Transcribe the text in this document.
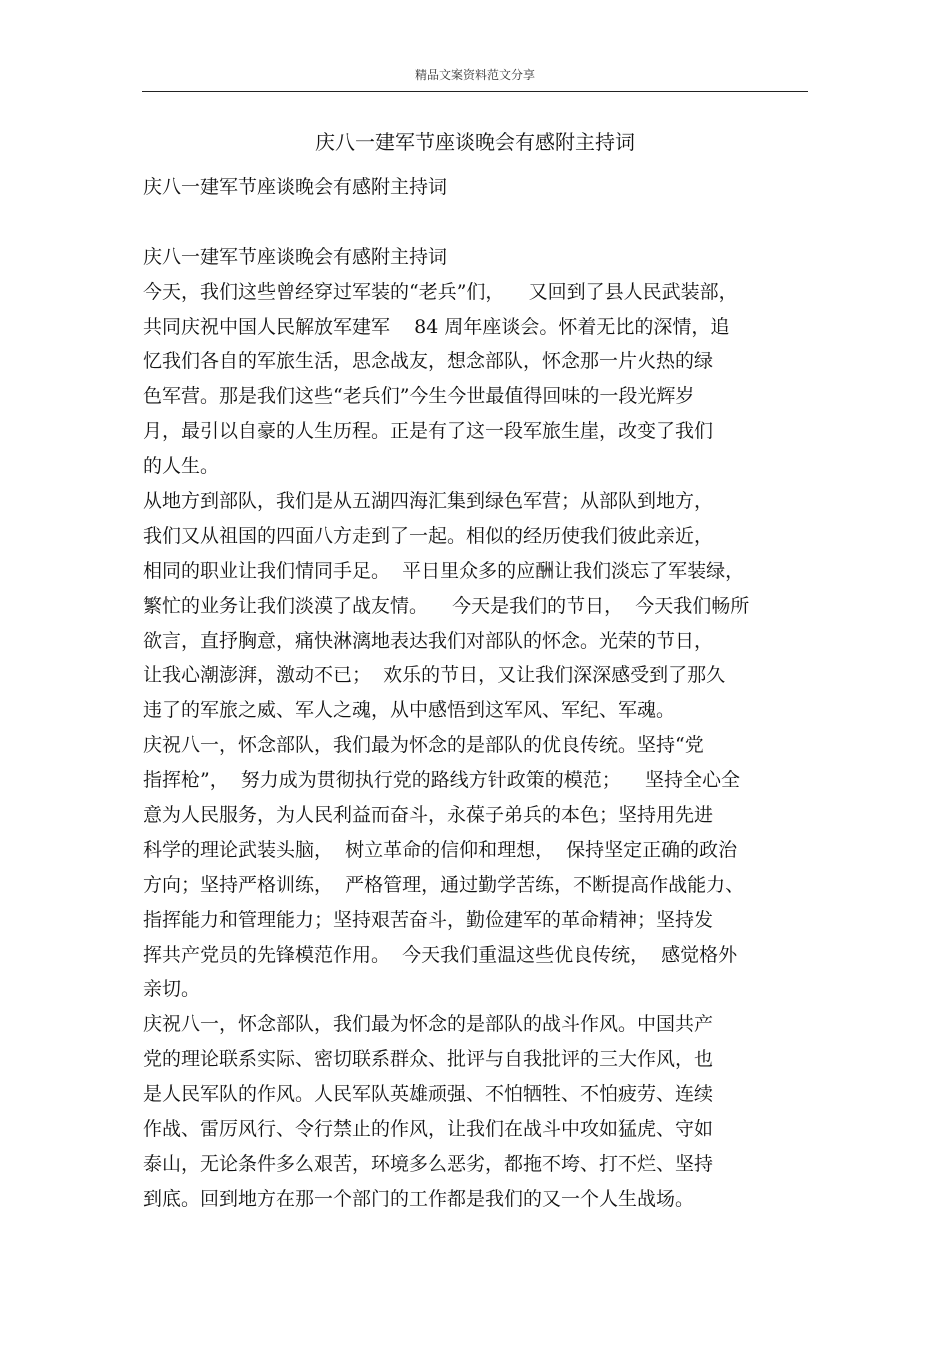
精品文案资料范文分享
庆八一建军节座谈晚会有感附主持词
庆八一建军节座谈晚会有感附主持词
庆八一建军节座谈晚会有感附主持词
今天，我们这些曾经穿过军装的“老兵”们，    又回到了县人民武装部，
共同庆祝中国人民解放军建军    84 周年座谈会。怀着无比的深情，追
忆我们各自的军旅生活，思念战友，想念部队，怀念那一片火热的绿
色军营。那是我们这些“老兵们”今生今世最值得回味的一段光辉岁
月，最引以自豪的人生历程。正是有了这一段军旅生崖，改变了我们
的人生。
从地方到部队，我们是从五湖四海汇集到绿色军营；从部队到地方，
我们又从祖国的四面八方走到了一起。相似的经历使我们彼此亲近，
相同的职业让我们情同手足。  平日里众多的应酬让我们淡忘了军装绿，
繁忙的业务让我们淡漠了战友情。    今天是我们的节日，  今天我们畅所
欲言，直抒胸意，痛快淋漓地表达我们对部队的怀念。光荣的节日，
让我心潮澎湃，激动不已；  欢乐的节日，又让我们深深感受到了那久
违了的军旅之威、军人之魂，从中感悟到这军风、军纪、军魂。
庆祝八一，怀念部队，我们最为怀念的是部队的优良传统。坚持“党
指挥枪”，  努力成为贯彻执行党的路线方针政策的模范；    坚持全心全
意为人民服务，为人民利益而奋斗，永葆子弟兵的本色；坚持用先进
科学的理论武装头脑，  树立革命的信仰和理想，  保持坚定正确的政治
方向；坚持严格训练，  严格管理，通过勤学苦练，不断提高作战能力、
指挥能力和管理能力；坚持艰苦奋斗，勤俭建军的革命精神；坚持发
挥共产党员的先锋模范作用。  今天我们重温这些优良传统，  感觉格外
亲切。
庆祝八一，怀念部队，我们最为怀念的是部队的战斗作风。中国共产
党的理论联系实际、密切联系群众、批评与自我批评的三大作风，也
是人民军队的作风。人民军队英雄顽强、不怕牺牲、不怕疲劳、连续
作战、雷厉风行、令行禁止的作风，让我们在战斗中攻如猛虎、守如
泰山，无论条件多么艰苦，环境多么恶劣，都拖不垮、打不烂、坚持
到底。回到地方在那一个部门的工作都是我们的又一个人生战场。
